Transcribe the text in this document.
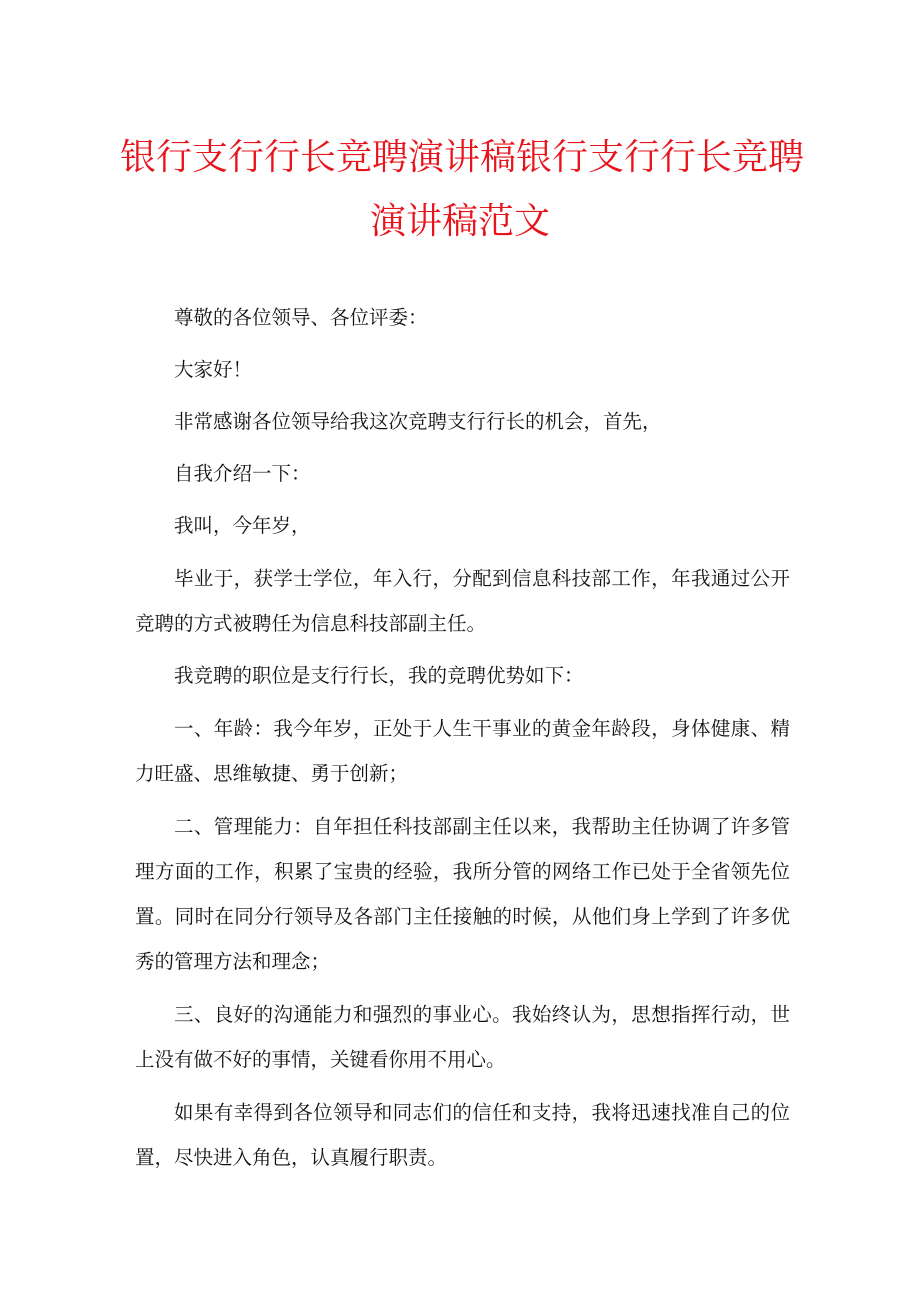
银行支行行长竞聘演讲稿银行支行行长竞聘
演讲稿范文

尊敬的各位领导、各位评委：

大家好！

非常感谢各位领导给我这次竞聘支行行长的机会，首先，

自我介绍一下：

我叫，今年岁，

毕业于，获学士学位，年入行，分配到信息科技部工作，年我通过公开竞聘的方式被聘任为信息科技部副主任。

我竞聘的职位是支行行长，我的竞聘优势如下：

一、年龄：我今年岁，正处于人生干事业的黄金年龄段，身体健康、精力旺盛、思维敏捷、勇于创新；

二、管理能力：自年担任科技部副主任以来，我帮助主任协调了许多管理方面的工作，积累了宝贵的经验，我所分管的网络工作已处于全省领先位置。同时在同分行领导及各部门主任接触的时候，从他们身上学到了许多优秀的管理方法和理念；

三、良好的沟通能力和强烈的事业心。我始终认为，思想指挥行动，世上没有做不好的事情，关键看你用不用心。

如果有幸得到各位领导和同志们的信任和支持，我将迅速找准自己的位置，尽快进入角色，认真履行职责。
